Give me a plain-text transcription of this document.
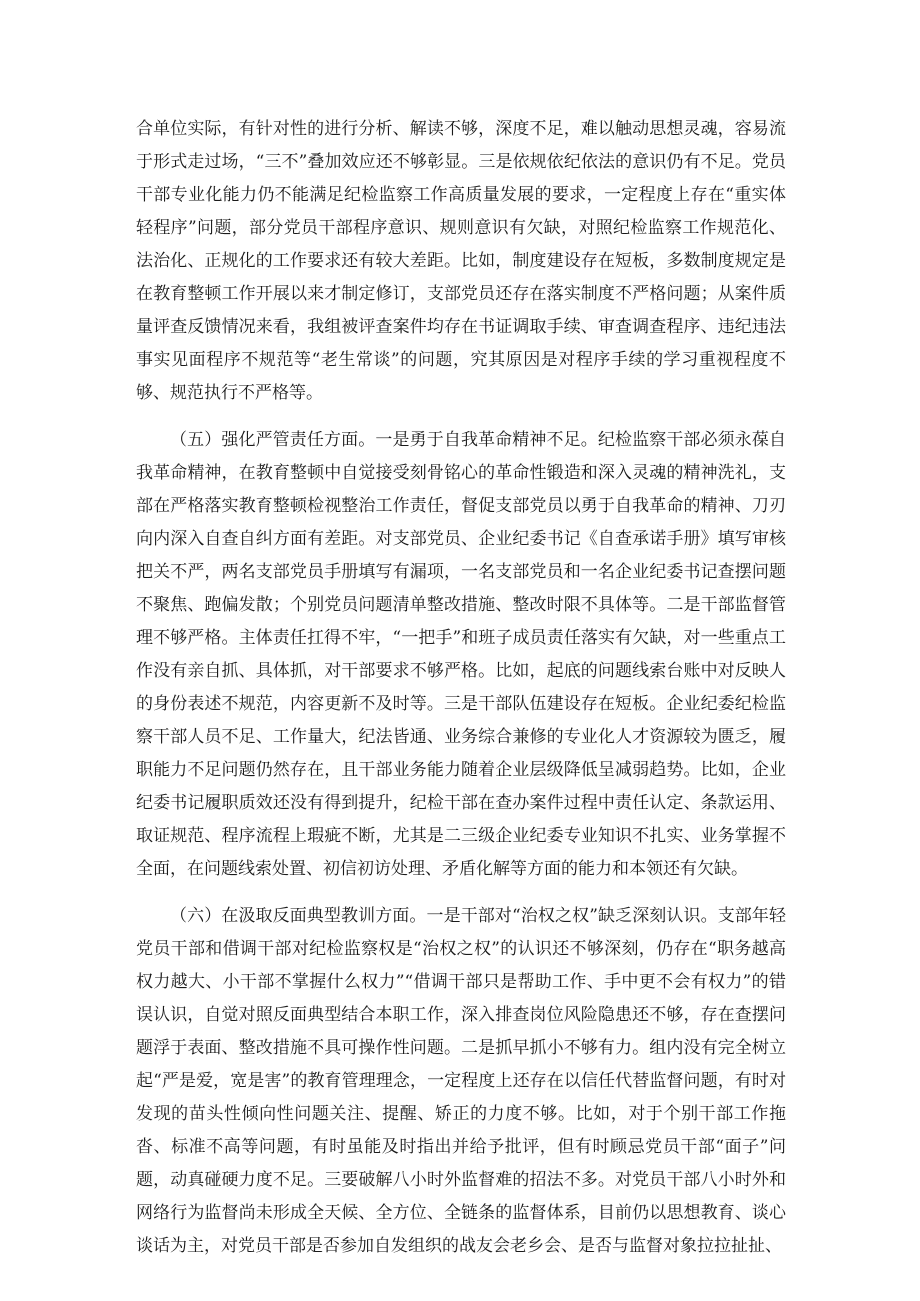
合单位实际，有针对性的进行分析、解读不够，深度不足，难以触动思想灵魂，容易流于形式走过场，“三不”叠加效应还不够彰显。三是依规依纪依法的意识仍有不足。党员干部专业化能力仍不能满足纪检监察工作高质量发展的要求，一定程度上存在“重实体轻程序”问题，部分党员干部程序意识、规则意识有欠缺，对照纪检监察工作规范化、法治化、正规化的工作要求还有较大差距。比如，制度建设存在短板，多数制度规定是在教育整顿工作开展以来才制定修订，支部党员还存在落实制度不严格问题；从案件质量评查反馈情况来看，我组被评查案件均存在书证调取手续、审查调查程序、违纪违法事实见面程序不规范等“老生常谈”的问题，究其原因是对程序手续的学习重视程度不够、规范执行不严格等。

（五）强化严管责任方面。一是勇于自我革命精神不足。纪检监察干部必须永葆自我革命精神，在教育整顿中自觉接受刻骨铭心的革命性锻造和深入灵魂的精神洗礼，支部在严格落实教育整顿检视整治工作责任，督促支部党员以勇于自我革命的精神、刀刃向内深入自查自纠方面有差距。对支部党员、企业纪委书记《自查承诺手册》填写审核把关不严，两名支部党员手册填写有漏项，一名支部党员和一名企业纪委书记查摆问题不聚焦、跑偏发散；个别党员问题清单整改措施、整改时限不具体等。二是干部监督管理不够严格。主体责任扛得不牢，“一把手”和班子成员责任落实有欠缺，对一些重点工作没有亲自抓、具体抓，对干部要求不够严格。比如，起底的问题线索台账中对反映人的身份表述不规范，内容更新不及时等。三是干部队伍建设存在短板。企业纪委纪检监察干部人员不足、工作量大，纪法皆通、业务综合兼修的专业化人才资源较为匮乏，履职能力不足问题仍然存在，且干部业务能力随着企业层级降低呈减弱趋势。比如，企业纪委书记履职质效还没有得到提升，纪检干部在查办案件过程中责任认定、条款运用、取证规范、程序流程上瑕疵不断，尤其是二三级企业纪委专业知识不扎实、业务掌握不全面，在问题线索处置、初信初访处理、矛盾化解等方面的能力和本领还有欠缺。

（六）在汲取反面典型教训方面。一是干部对“治权之权”缺乏深刻认识。支部年轻党员干部和借调干部对纪检监察权是“治权之权”的认识还不够深刻，仍存在“职务越高权力越大、小干部不掌握什么权力”“借调干部只是帮助工作、手中更不会有权力”的错误认识，自觉对照反面典型结合本职工作，深入排查岗位风险隐患还不够，存在查摆问题浮于表面、整改措施不具可操作性问题。二是抓早抓小不够有力。组内没有完全树立起“严是爱，宽是害”的教育管理理念，一定程度上还存在以信任代替监督问题，有时对发现的苗头性倾向性问题关注、提醒、矫正的力度不够。比如，对于个别干部工作拖沓、标准不高等问题，有时虽能及时指出并给予批评，但有时顾忌党员干部“面子”问题，动真碰硬力度不足。三要破解八小时外监督难的招法不多。对党员干部八小时外和网络行为监督尚未形成全天候、全方位、全链条的监督体系，目前仍以思想教育、谈心谈话为主，对党员干部是否参加自发组织的战友会老乡会、是否与监督对象拉拉扯扯、
